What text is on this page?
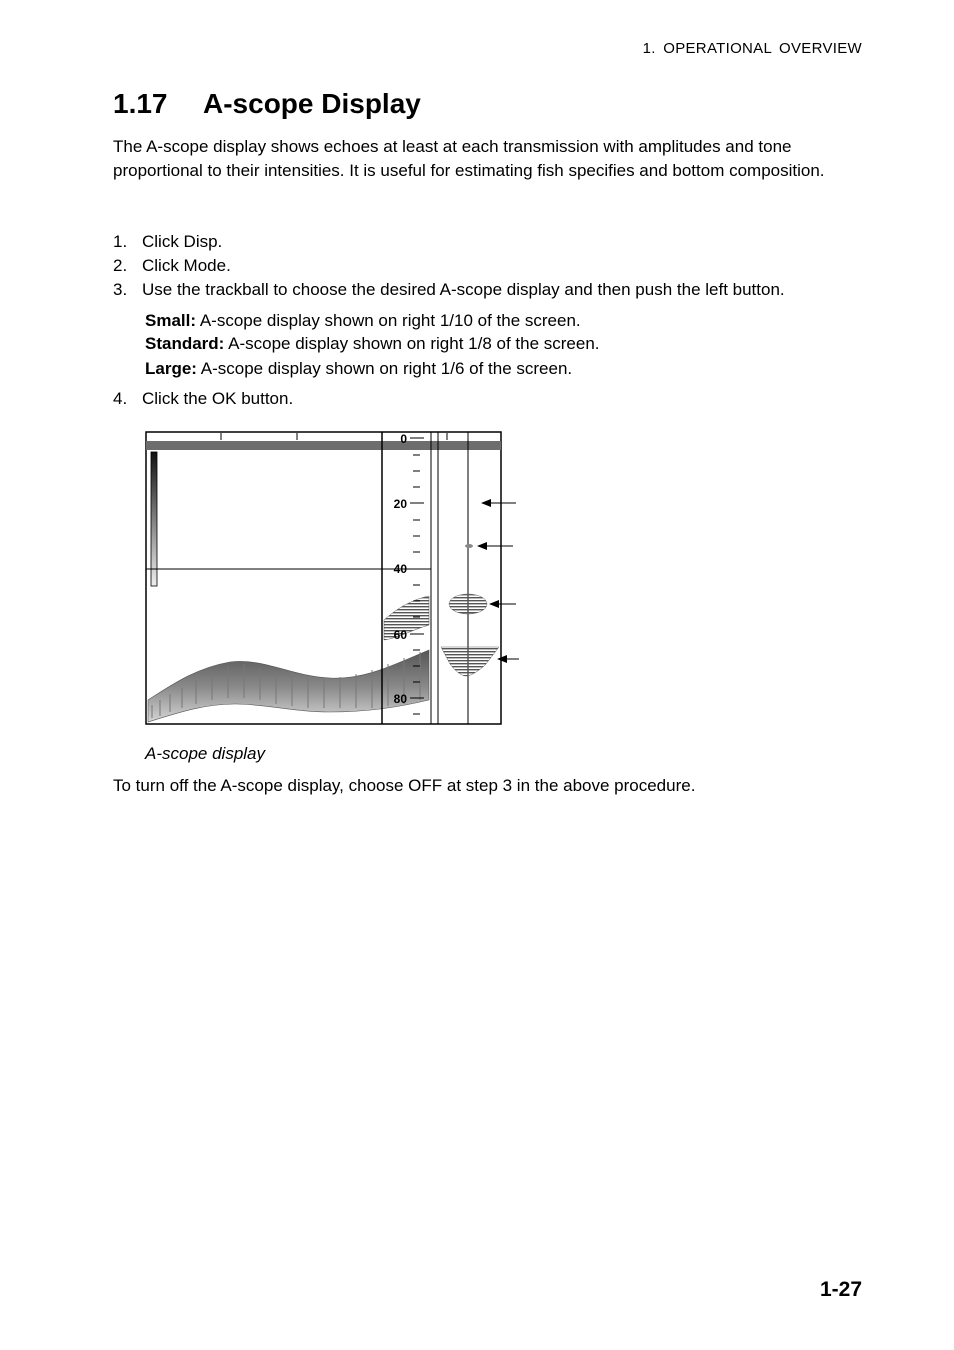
1. OPERATIONAL OVERVIEW
1.17 A-scope Display
The A-scope display shows echoes at least at each transmission with amplitudes and tone proportional to their intensities. It is useful for estimating fish specifies and bottom composition.
1. Click Disp.
2. Click Mode.
3. Use the trackball to choose the desired A-scope display and then push the left button.
Small: A-scope display shown on right 1/10 of the screen.
Standard: A-scope display shown on right 1/8 of the screen.
Large: A-scope display shown on right 1/6 of the screen.
4. Click the OK button.
0
20
40
60
80
A-scope display
To turn off the A-scope display, choose OFF at step 3 in the above procedure.
1-27
